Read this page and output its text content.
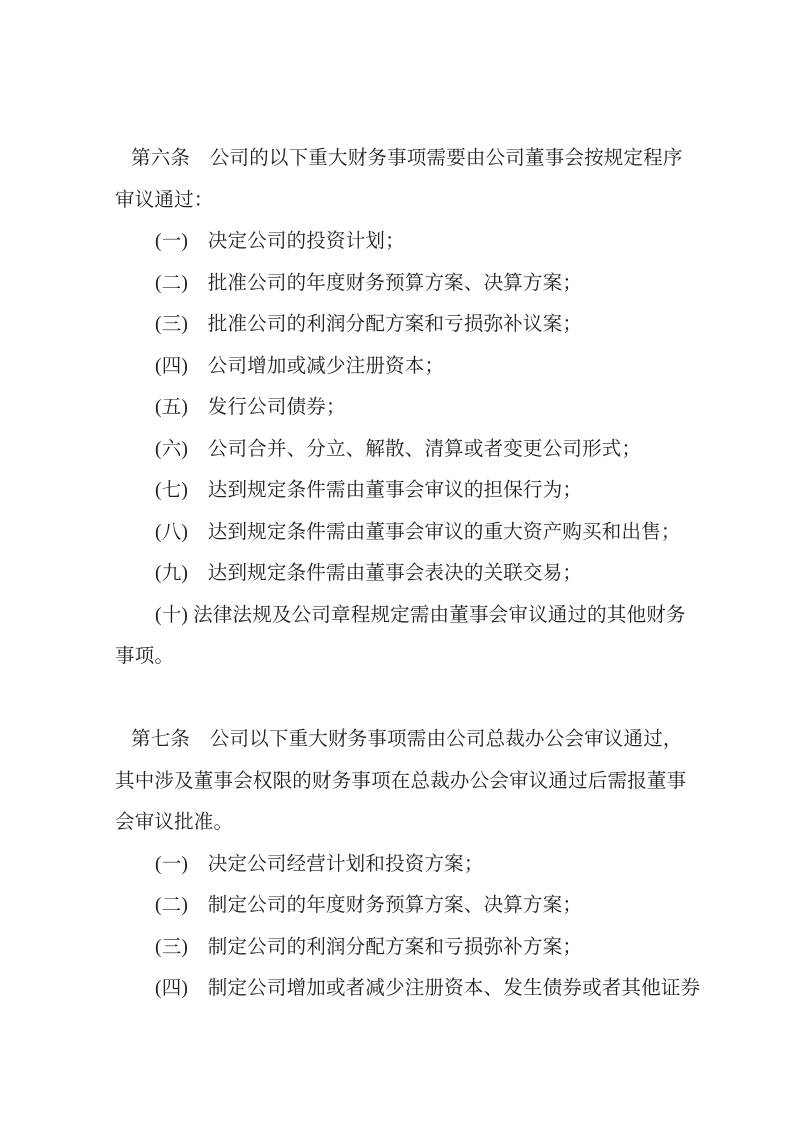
第六条　公司的以下重大财务事项需要由公司董事会按规定程序
审议通过：
(一)　决定公司的投资计划；
(二)　批准公司的年度财务预算方案、决算方案；
(三)　批准公司的利润分配方案和亏损弥补议案；
(四)　公司增加或减少注册资本；
(五)　发行公司债券；
(六)　公司合并、分立、解散、清算或者变更公司形式；
(七)　达到规定条件需由董事会审议的担保行为；
(八)　达到规定条件需由董事会审议的重大资产购买和出售；
(九)　达到规定条件需由董事会表决的关联交易；
(十) 法律法规及公司章程规定需由董事会审议通过的其他财务
事项。
第七条　公司以下重大财务事项需由公司总裁办公会审议通过，
其中涉及董事会权限的财务事项在总裁办公会审议通过后需报董事
会审议批准。
(一)　决定公司经营计划和投资方案；
(二)　制定公司的年度财务预算方案、决算方案；
(三)　制定公司的利润分配方案和亏损弥补方案；
(四)　制定公司增加或者减少注册资本、发生债券或者其他证券
